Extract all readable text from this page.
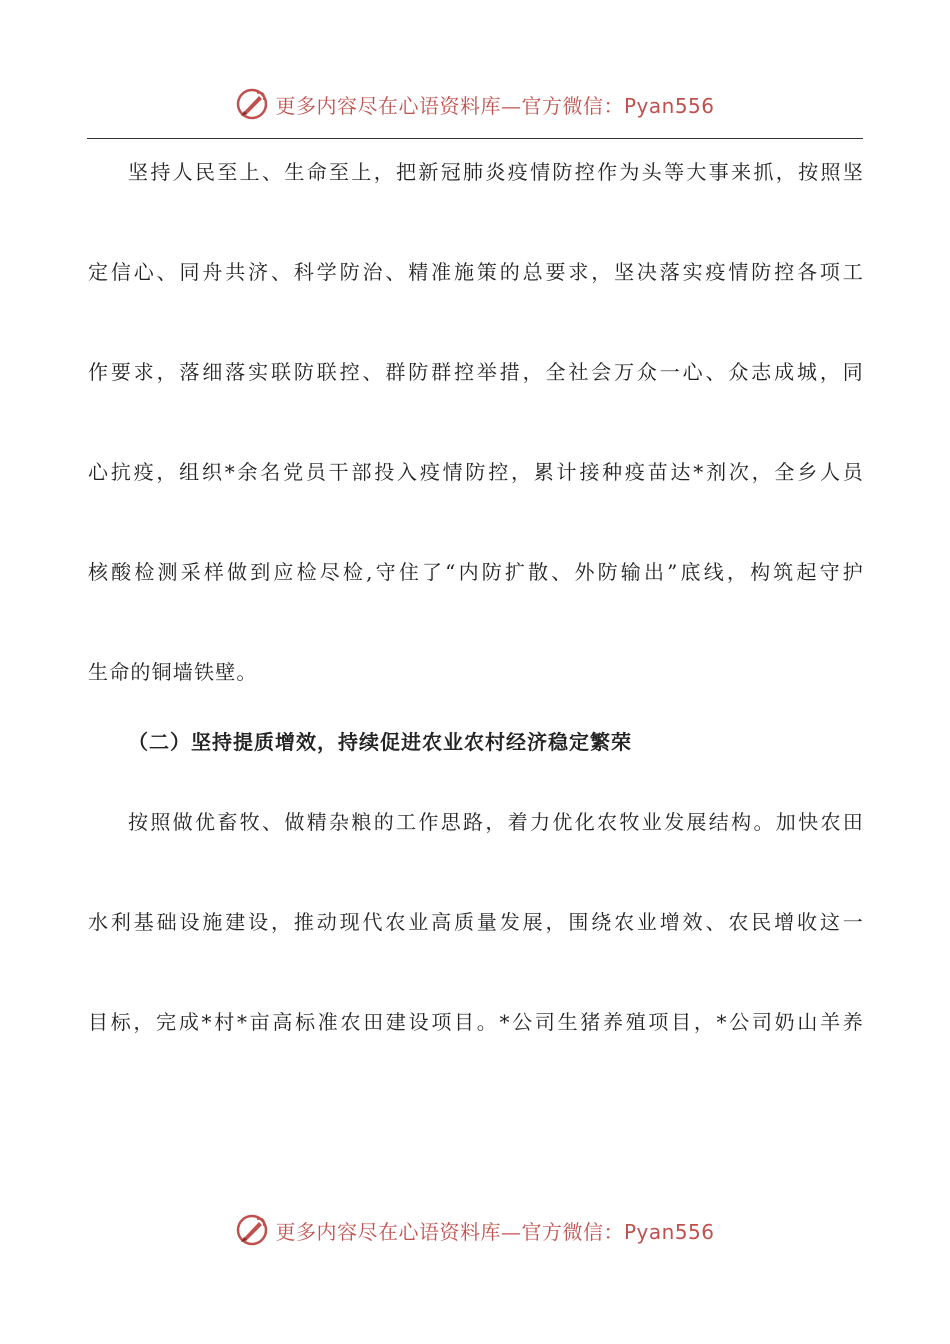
更多内容尽在心语资料库—官方微信：Pyan556
坚持人民至上、生命至上，把新冠肺炎疫情防控作为头等大事来抓，按照坚
定信心、同舟共济、科学防治、精准施策的总要求，坚决落实疫情防控各项工
作要求，落细落实联防联控、群防群控举措，全社会万众一心、众志成城，同
心抗疫，组织*余名党员干部投入疫情防控，累计接种疫苗达*剂次，全乡人员
核酸检测采样做到应检尽检,守住了“内防扩散、外防输出”底线，构筑起守护
生命的铜墙铁壁。
（二）坚持提质增效，持续促进农业农村经济稳定繁荣
按照做优畜牧、做精杂粮的工作思路，着力优化农牧业发展结构。加快农田
水利基础设施建设，推动现代农业高质量发展，围绕农业增效、农民增收这一
目标，完成*村*亩高标准农田建设项目。*公司生猪养殖项目，*公司奶山羊养
更多内容尽在心语资料库—官方微信：Pyan556
